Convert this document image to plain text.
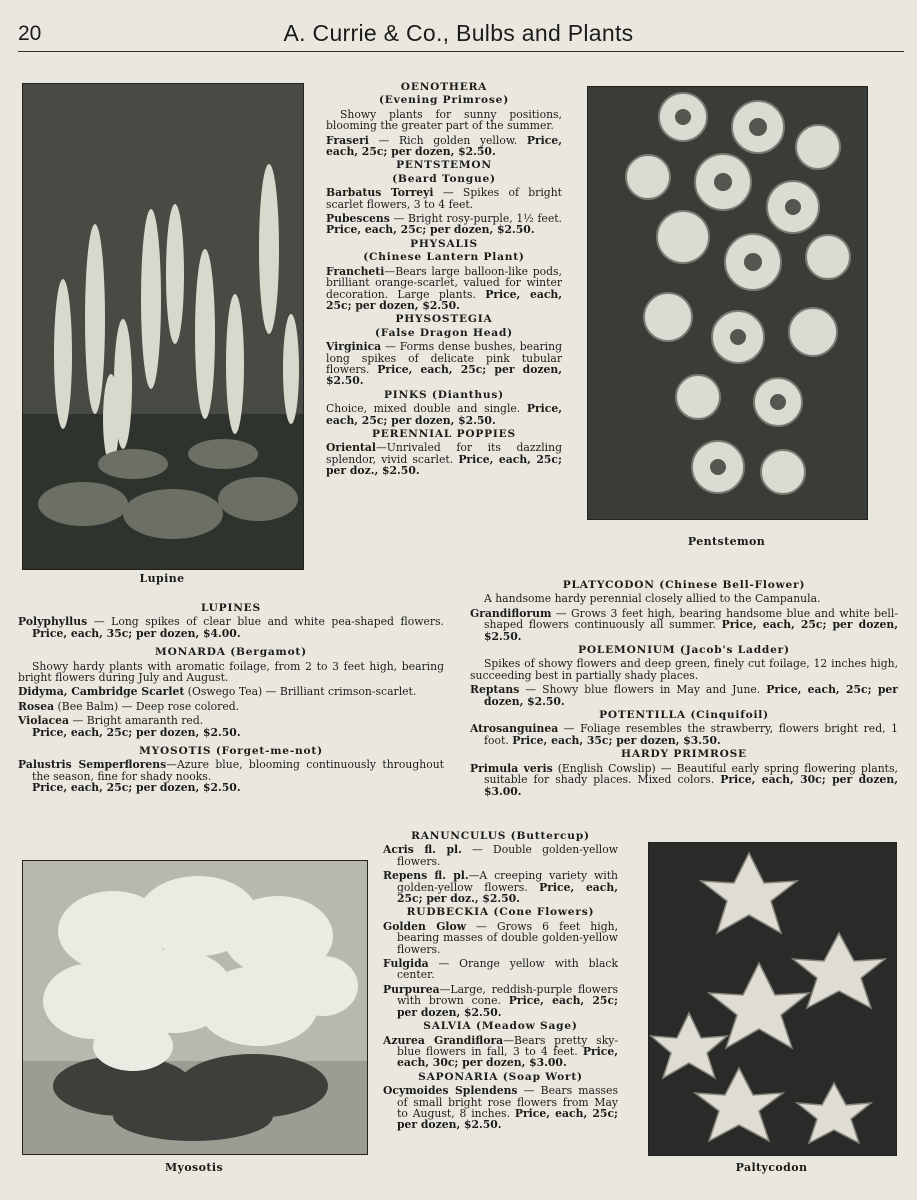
20	A. Currie & Co., Bulbs and Plants
Lupine
Pentstemon
Myosotis	Paltycodon
OENOTHERA
(Evening Primrose)

Showy plants for sunny positions, blooming the greater part of the summer.

Fraseri — Rich golden yellow. Price, each, 25c; per dozen, $2.50.

PENTSTEMON
(Beard Tongue)

Barbatus Torreyi — Spikes of bright scarlet flowers, 3 to 4 feet.

Pubescens — Bright rosy-purple, 1½ feet. Price, each, 25c; per dozen, $2.50.

PHYSALIS
(Chinese Lantern Plant)

Francheti—Bears large balloon-like pods, brilliant orange-scarlet, valued for winter decoration. Large plants. Price, each, 25c; per dozen, $2.50.

PHYSOSTEGIA
(False Dragon Head)

Virginica — Forms dense bushes, bearing long spikes of delicate pink tubular flowers. Price, each, 25c; per dozen, $2.50.

PINKS (Dianthus)

Choice, mixed double and single. Price, each, 25c; per dozen, $2.50.

PERENNIAL POPPIES

Oriental—Unrivaled for its dazzling splendor, vivid scarlet. Price, each, 25c; per doz., $2.50.

LUPINES

Polyphyllus — Long spikes of clear blue and white pea-shaped flowers. Price, each, 35c; per dozen, $4.00.

MONARDA (Bergamot)

Showy hardy plants with aromatic foilage, from 2 to 3 feet high, bearing bright flowers during July and August.

Didyma, Cambridge Scarlet (Oswego Tea) — Brilliant crimson-scarlet.

Rosea (Bee Balm) — Deep rose colored.

Violacea — Bright amaranth red.
Price, each, 25c; per dozen, $2.50.

MYOSOTIS (Forget-me-not)

Palustris Semperflorens—Azure blue, blooming continuously throughout the season, fine for shady nooks.
Price, each, 25c; per dozen, $2.50.

PLATYCODON (Chinese Bell-Flower)

A handsome hardy perennial closely allied to the Campanula.

Grandiflorum — Grows 3 feet high, bearing handsome blue and white bell-shaped flowers continuously all summer. Price, each, 25c; per dozen, $2.50.

POLEMONIUM (Jacob's Ladder)

Spikes of showy flowers and deep green, finely cut foilage, 12 inches high, succeeding best in partially shady places.

Reptans — Showy blue flowers in May and June. Price, each, 25c; per dozen, $2.50.

POTENTILLA (Cinquifoil)

Atrosanguinea — Foliage resembles the strawberry, flowers bright red, 1 foot. Price, each, 35c; per dozen, $3.50.

HARDY PRIMROSE

Primula veris (English Cowslip) — Beautiful early spring flowering plants, suitable for shady places. Mixed colors. Price, each, 30c; per dozen, $3.00.

RANUNCULUS (Buttercup)

Acris fl. pl. — Double golden-yellow flowers.

Repens fl. pl.—A creeping variety with golden-yellow flowers. Price, each, 25c; per doz., $2.50.

RUDBECKIA (Cone Flowers)

Golden Glow — Grows 6 feet high, bearing masses of double golden-yellow flowers.

Fulgida — Orange yellow with black center.

Purpurea—Large, reddish-purple flowers with brown cone. Price, each, 25c; per dozen, $2.50.

SALVIA (Meadow Sage)

Azurea Grandiflora—Bears pretty sky-blue flowers in fall, 3 to 4 feet. Price, each, 30c; per dozen, $3.00.

SAPONARIA (Soap Wort)

Ocymoides Splendens — Bears masses of small bright rose flowers from May to August, 8 inches. Price, each, 25c; per dozen, $2.50.
